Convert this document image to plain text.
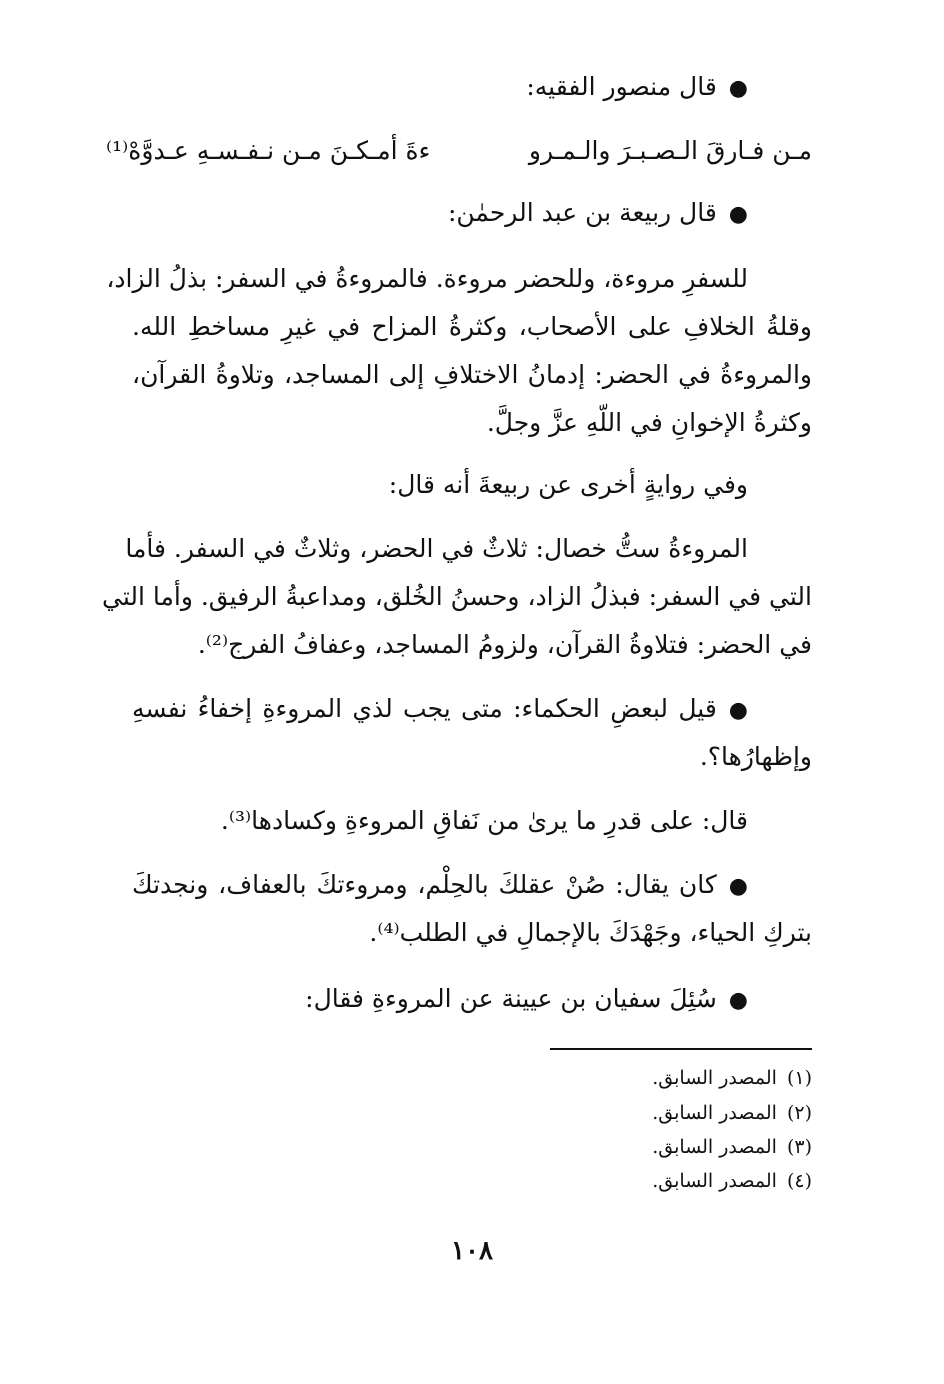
●قال منصور الفقيه:
مـن فـارقَ الـصـبـرَ والـمـرو
ءةَ أمـكـنَ مـن نـفـسـهِ عـدوَّهْ⁽¹⁾
●قال ربيعة بن عبد الرحمٰن:
للسفرِ مروءة، وللحضر مروءة. فالمروءةُ في السفر: بذلُ الزاد،
وقلةُ الخلافِ على الأصحاب، وكثرةُ المزاح في غيرِ مساخطِ الله.
والمروءةُ في الحضر: إدمانُ الاختلافِ إلى المساجد، وتلاوةُ القرآن،
وكثرةُ الإخوانِ في اللّهِ عزَّ وجلَّ.
وفي روايةٍ أخرى عن ربيعةَ أنه قال:
المروءةُ ستُّ خصال: ثلاثٌ في الحضر، وثلاثٌ في السفر. فأما
التي في السفر: فبذلُ الزاد، وحسنُ الخُلق، ومداعبةُ الرفيق. وأما التي
في الحضر: فتلاوةُ القرآن، ولزومُ المساجد، وعفافُ الفرج⁽²⁾.
●قيل لبعضِ الحكماء: متى يجب لذي المروءةِ إخفاءُ نفسهِ
وإظهارُها؟.
قال: على قدرِ ما يرىٰ من نَفاقِ المروءةِ وكسادها⁽³⁾.
●كان يقال: صُنْ عقلكَ بالحِلْم، ومروءتكَ بالعفاف، ونجدتكَ
بتركِ الحياء، وجَهْدَكَ بالإجمالِ في الطلب⁽⁴⁾.
●سُئِلَ سفيان بن عيينة عن المروءةِ فقال:
(١)المصدر السابق.
(٢)المصدر السابق.
(٣)المصدر السابق.
(٤)المصدر السابق.
١٠٨
